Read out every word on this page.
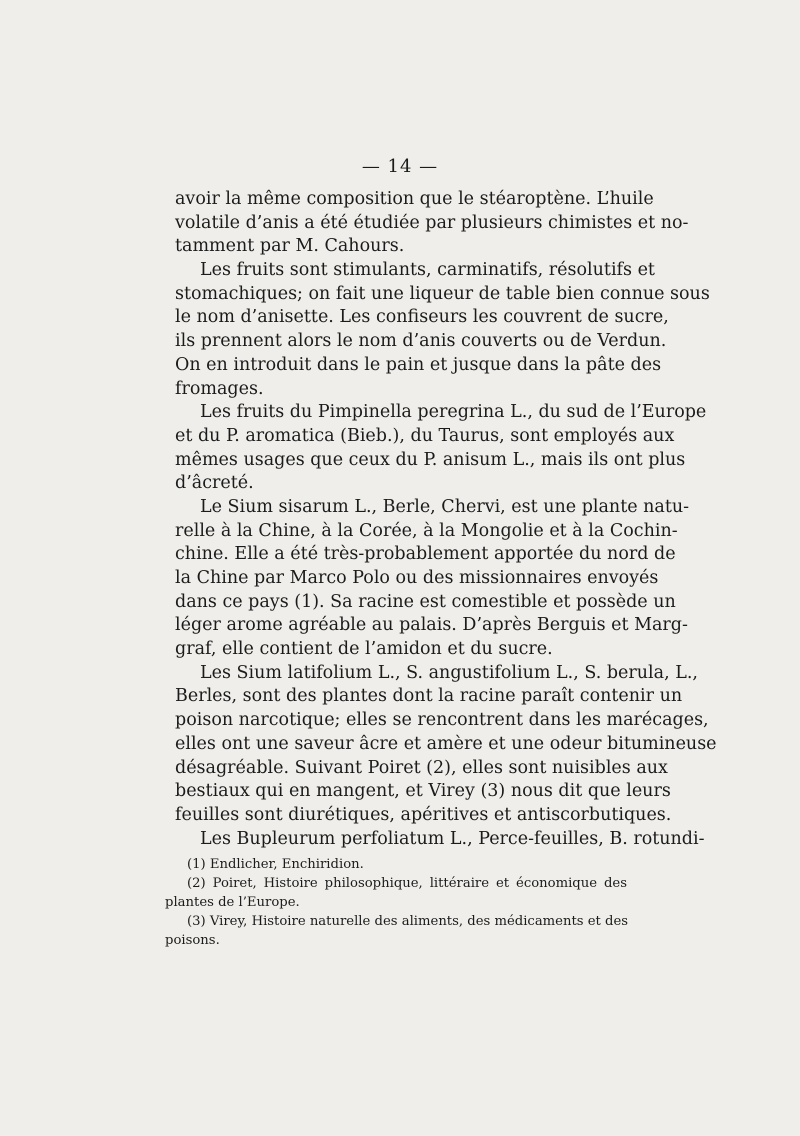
— 14 —
avoir la même composition que le stéaroptène. L’huile
volatile d’anis a été étudiée par plusieurs chimistes et no-
tamment par M. Cahours.
Les fruits sont stimulants, carminatifs, résolutifs et
stomachiques; on fait une liqueur de table bien connue sous
le nom d’anisette. Les confiseurs les couvrent de sucre,
ils prennent alors le nom d’anis couverts ou de Verdun.
On en introduit dans le pain et jusque dans la pâte des
fromages.
Les fruits du Pimpinella peregrina L., du sud de l’Europe
et du P. aromatica (Bieb.), du Taurus, sont employés aux
mêmes usages que ceux du P. anisum L., mais ils ont plus
d’âcreté.
Le Sium sisarum L., Berle, Chervi, est une plante natu-
relle à la Chine, à la Corée, à la Mongolie et à la Cochin-
chine. Elle a été très-probablement apportée du nord de
la Chine par Marco Polo ou des missionnaires envoyés
dans ce pays (1). Sa racine est comestible et possède un
léger arome agréable au palais. D’après Berguis et Marg-
graf, elle contient de l’amidon et du sucre.
Les Sium latifolium L., S. angustifolium L., S. berula, L.,
Berles, sont des plantes dont la racine paraît contenir un
poison narcotique; elles se rencontrent dans les marécages,
elles ont une saveur âcre et amère et une odeur bitumineuse
désagréable. Suivant Poiret (2), elles sont nuisibles aux
bestiaux qui en mangent, et Virey (3) nous dit que leurs
feuilles sont diurétiques, apéritives et antiscorbutiques.
Les Bupleurum perfoliatum L., Perce-feuilles, B. rotundi-
(1) Endlicher, Enchiridion.
(2) Poiret, Histoire philosophique, littéraire et économique des
plantes de l’Europe.
(3) Virey, Histoire naturelle des aliments, des médicaments et des
poisons.
